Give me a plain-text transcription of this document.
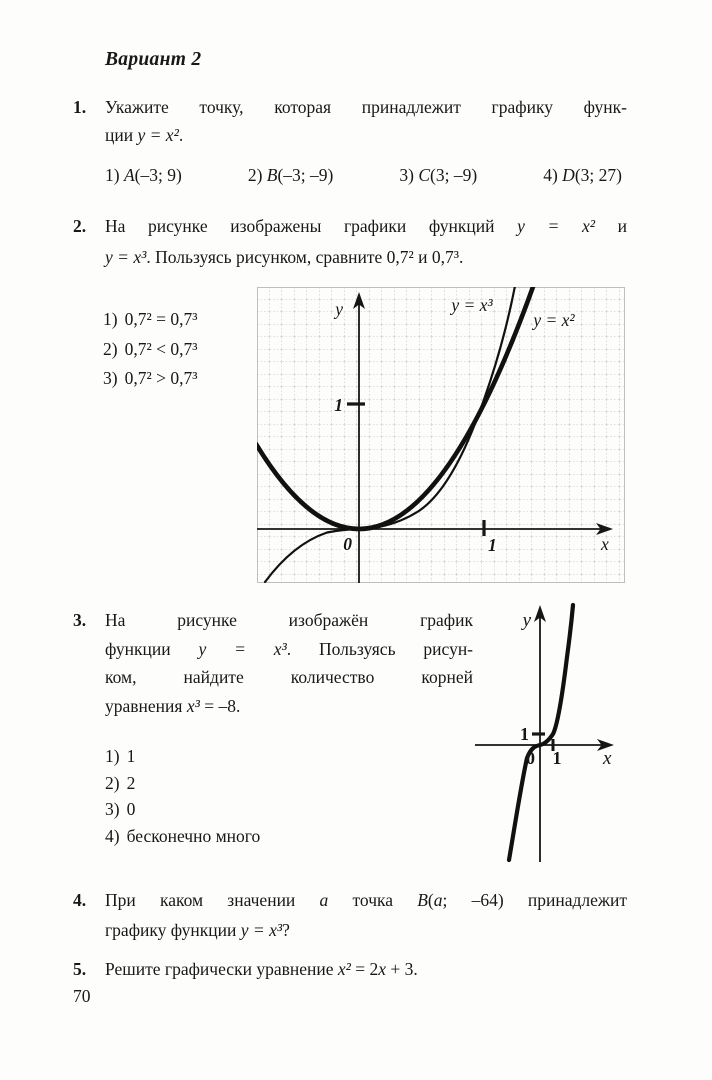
Вариант 2
1. Укажите точку, которая принадлежит графику функ-
ции y = x².
1) A(–3; 9)	2) B(–3; –9)	3) C(3; –9)	4) D(3; 27)
2. На рисунке изображены графики функций y = x² и
y = x³. Пользуясь рисунком, сравните 0,7² и 0,7³.
1) 0,7² = 0,7³
2) 0,7² < 0,7³
3) 0,7² > 0,7³
y
x
0
1
1
y = x³
y = x²
3. На рисунке изображён график
функции y = x³. Пользуясь рисун-
ком, найдите количество корней
уравнения x³ = –8.
1) 1
2) 2
3) 0
4) бесконечно много
y
x
0
1
1
4. При каком значении a точка B(a; –64) принадлежит
графику функции y = x³?
5. Решите графически уравнение x² = 2x + 3.
70
